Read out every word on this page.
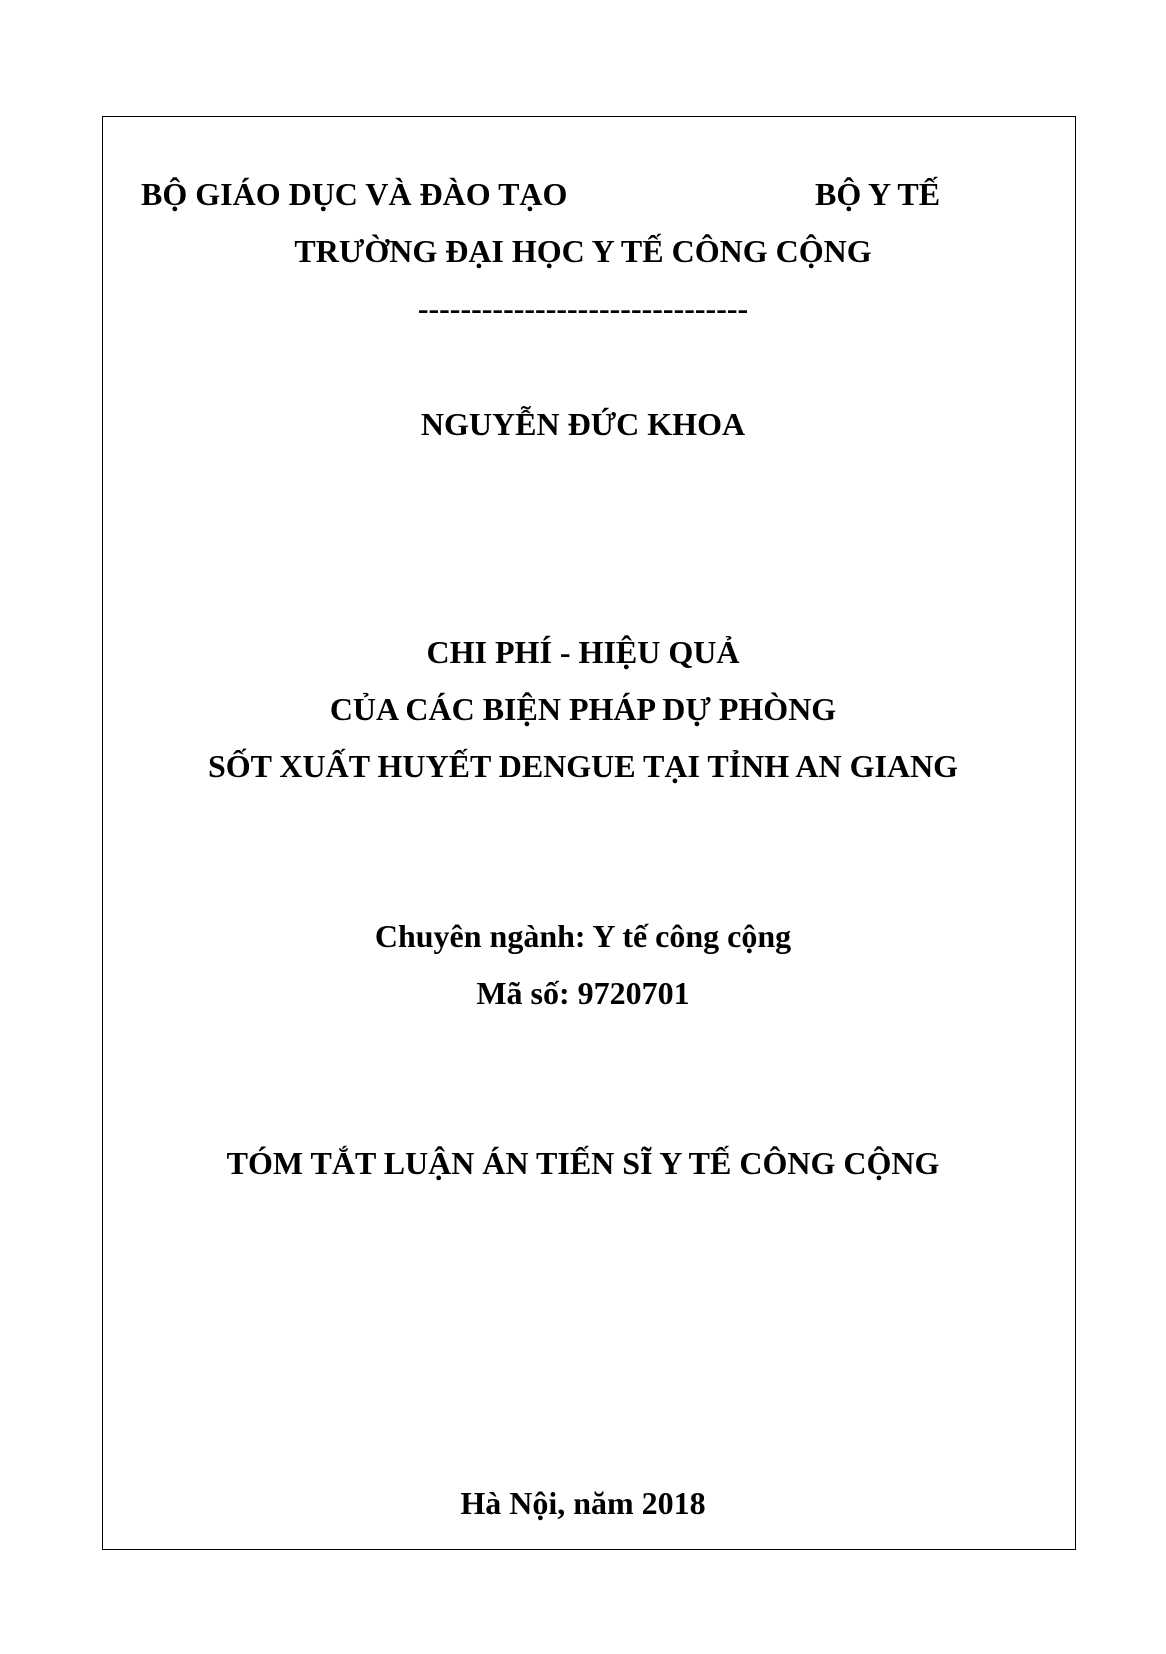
BỘ GIÁO DỤC VÀ ĐÀO TẠO	BỘ Y TẾ
TRƯỜNG ĐẠI HỌC Y TẾ CÔNG CỘNG
-------------------------------
NGUYỄN ĐỨC KHOA
CHI PHÍ - HIỆU QUẢ
CỦA CÁC BIỆN PHÁP DỰ PHÒNG
SỐT XUẤT HUYẾT DENGUE TẠI TỈNH AN GIANG
Chuyên ngành: Y tế công cộng
Mã số: 9720701
TÓM TẮT LUẬN ÁN TIẾN SĨ Y TẾ CÔNG CỘNG
Hà Nội, năm 2018
